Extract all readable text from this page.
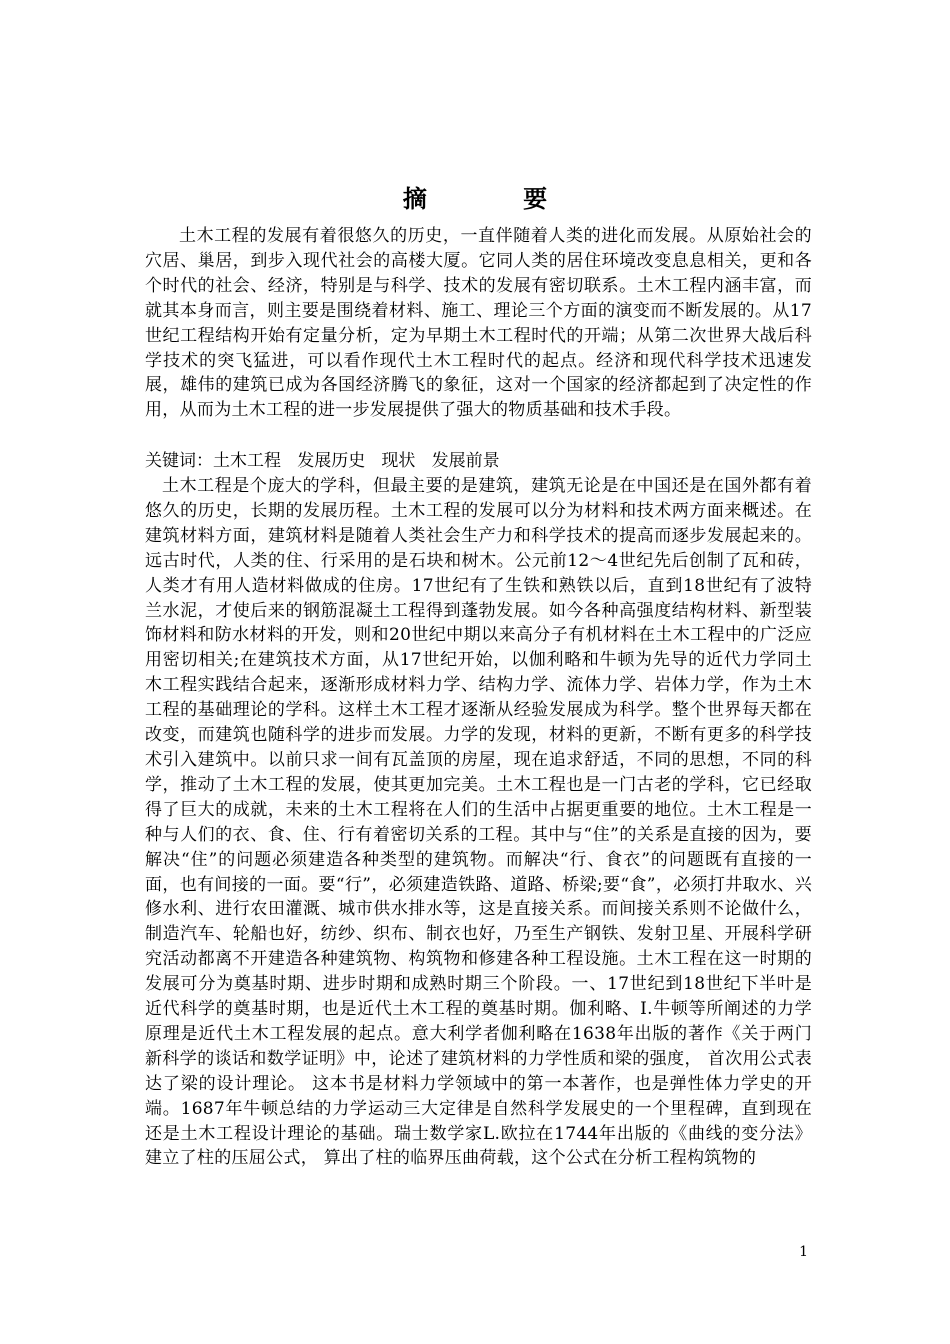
摘 要

土木工程的发展有着很悠久的历史，一直伴随着人类的进化而发展。从原始社会的穴居、巢居，到步入现代社会的高楼大厦。它同人类的居住环境改变息息相关，更和各个时代的社会、经济，特别是与科学、技术的发展有密切联系。土木工程内涵丰富，而就其本身而言，则主要是围绕着材料、施工、理论三个方面的演变而不断发展的。从17世纪工程结构开始有定量分析，定为早期土木工程时代的开端；从第二次世界大战后科学技术的突飞猛进，可以看作现代土木工程时代的起点。经济和现代科学技术迅速发展，雄伟的建筑已成为各国经济腾飞的象征，这对一个国家的经济都起到了决定性的作用，从而为土木工程的进一步发展提供了强大的物质基础和技术手段。

关键词：土木工程   发展历史   现状   发展前景

土木工程是个庞大的学科，但最主要的是建筑，建筑无论是在中国还是在国外都有着悠久的历史，长期的发展历程。土木工程的发展可以分为材料和技术两方面来概述。在建筑材料方面，建筑材料是随着人类社会生产力和科学技术的提高而逐步发展起来的。远古时代，人类的住、行采用的是石块和树木。公元前12～4世纪先后创制了瓦和砖，人类才有用人造材料做成的住房。17世纪有了生铁和熟铁以后，直到18世纪有了波特兰水泥，才使后来的钢筋混凝土工程得到蓬勃发展。如今各种高强度结构材料、新型装饰材料和防水材料的开发，则和20世纪中期以来高分子有机材料在土木工程中的广泛应用密切相关;在建筑技术方面，从17世纪开始，以伽利略和牛顿为先导的近代力学同土木工程实践结合起来，逐渐形成材料力学、结构力学、流体力学、岩体力学，作为土木工程的基础理论的学科。这样土木工程才逐渐从经验发展成为科学。整个世界每天都在改变，而建筑也随科学的进步而发展。力学的发现，材料的更新，不断有更多的科学技术引入建筑中。以前只求一间有瓦盖顶的房屋，现在追求舒适，不同的思想，不同的科学，推动了土木工程的发展，使其更加完美。土木工程也是一门古老的学科，它已经取得了巨大的成就，未来的土木工程将在人们的生活中占据更重要的地位。土木工程是一种与人们的衣、食、住、行有着密切关系的工程。其中与“住”的关系是直接的因为，要解决“住”的问题必须建造各种类型的建筑物。而解决“行、食衣”的问题既有直接的一面，也有间接的一面。要“行”，必须建造铁路、道路、桥梁;要“食”，必须打井取水、兴修水利、进行农田灌溉、城市供水排水等，这是直接关系。而间接关系则不论做什么，制造汽车、轮船也好，纺纱、织布、制衣也好，乃至生产钢铁、发射卫星、开展科学研究活动都离不开建造各种建筑物、构筑物和修建各种工程设施。土木工程在这一时期的发展可分为奠基时期、进步时期和成熟时期三个阶段。一、17世纪到18世纪下半叶是近代科学的奠基时期，也是近代土木工程的奠基时期。伽利略、I.牛顿等所阐述的力学原理是近代土木工程发展的起点。意大利学者伽利略在1638年出版的著作《关于两门新科学的谈话和数学证明》中，论述了建筑材料的力学性质和梁的强度， 首次用公式表达了梁的设计理论。 这本书是材料力学领域中的第一本著作，也是弹性体力学史的开端。1687年牛顿总结的力学运动三大定律是自然科学发展史的一个里程碑，直到现在还是土木工程设计理论的基础。瑞士数学家L.欧拉在1744年出版的《曲线的变分法》建立了柱的压屈公式， 算出了柱的临界压曲荷载，这个公式在分析工程构筑物的

1
